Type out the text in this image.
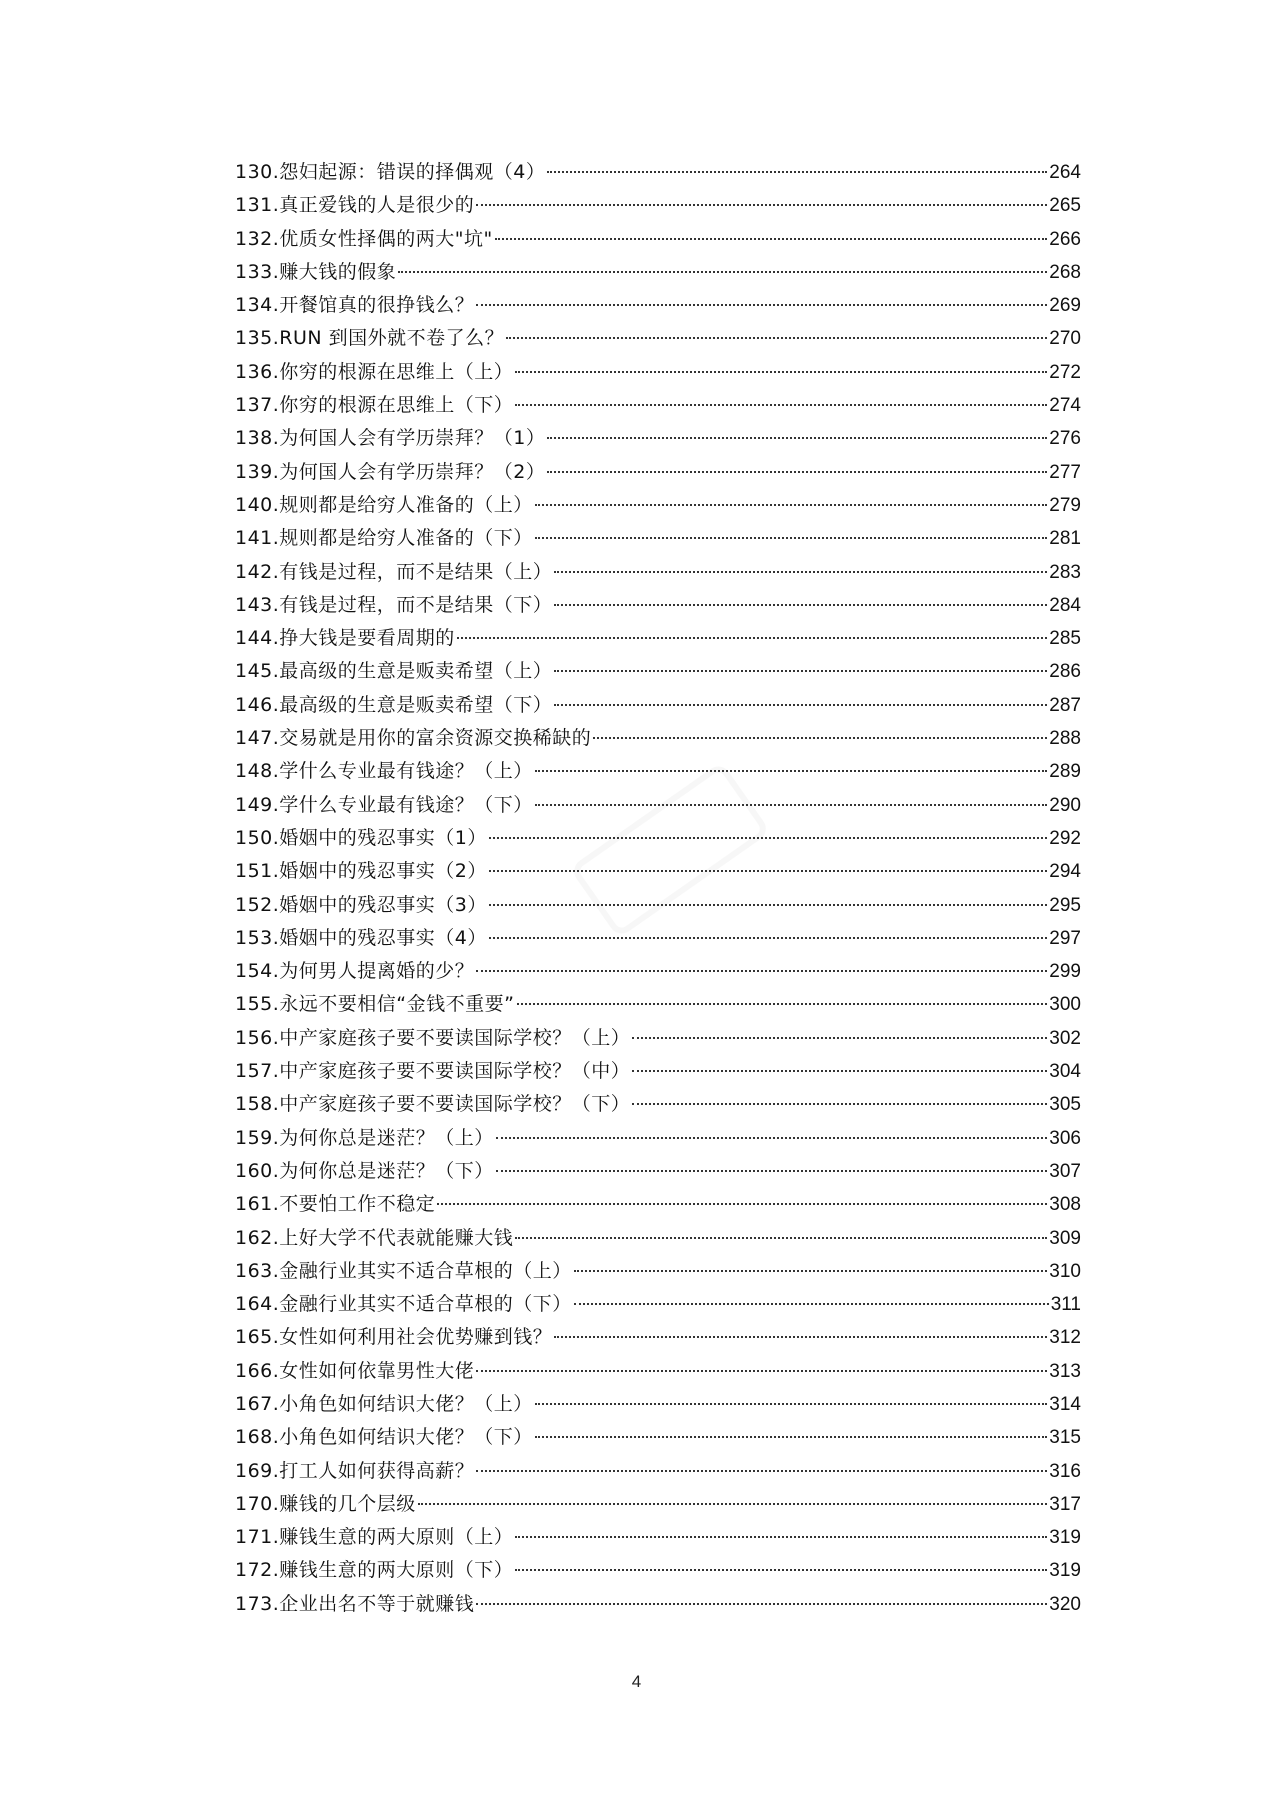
130.怨妇起源：错误的择偶观（4）	264
131.真正爱钱的人是很少的	265
132.优质女性择偶的两大"坑"	266
133.赚大钱的假象	268
134.开餐馆真的很挣钱么？	269
135.RUN 到国外就不卷了么？	270
136.你穷的根源在思维上（上）	272
137.你穷的根源在思维上（下）	274
138.为何国人会有学历崇拜？（1）	276
139.为何国人会有学历崇拜？（2）	277
140.规则都是给穷人准备的（上）	279
141.规则都是给穷人准备的（下）	281
142.有钱是过程，而不是结果（上）	283
143.有钱是过程，而不是结果（下）	284
144.挣大钱是要看周期的	285
145.最高级的生意是贩卖希望（上）	286
146.最高级的生意是贩卖希望（下）	287
147.交易就是用你的富余资源交换稀缺的	288
148.学什么专业最有钱途？（上）	289
149.学什么专业最有钱途？（下）	290
150.婚姻中的残忍事实（1）	292
151.婚姻中的残忍事实（2）	294
152.婚姻中的残忍事实（3）	295
153.婚姻中的残忍事实（4）	297
154.为何男人提离婚的少？	299
155.永远不要相信“金钱不重要”	300
156.中产家庭孩子要不要读国际学校？（上）	302
157.中产家庭孩子要不要读国际学校？（中）	304
158.中产家庭孩子要不要读国际学校？（下）	305
159.为何你总是迷茫？（上）	306
160.为何你总是迷茫？（下）	307
161.不要怕工作不稳定	308
162.上好大学不代表就能赚大钱	309
163.金融行业其实不适合草根的（上）	310
164.金融行业其实不适合草根的（下）	311
165.女性如何利用社会优势赚到钱？	312
166.女性如何依靠男性大佬	313
167.小角色如何结识大佬？（上）	314
168.小角色如何结识大佬？（下）	315
169.打工人如何获得高薪？	316
170.赚钱的几个层级	317
171.赚钱生意的两大原则（上）	319
172.赚钱生意的两大原则（下）	319
173.企业出名不等于就赚钱	320
4
